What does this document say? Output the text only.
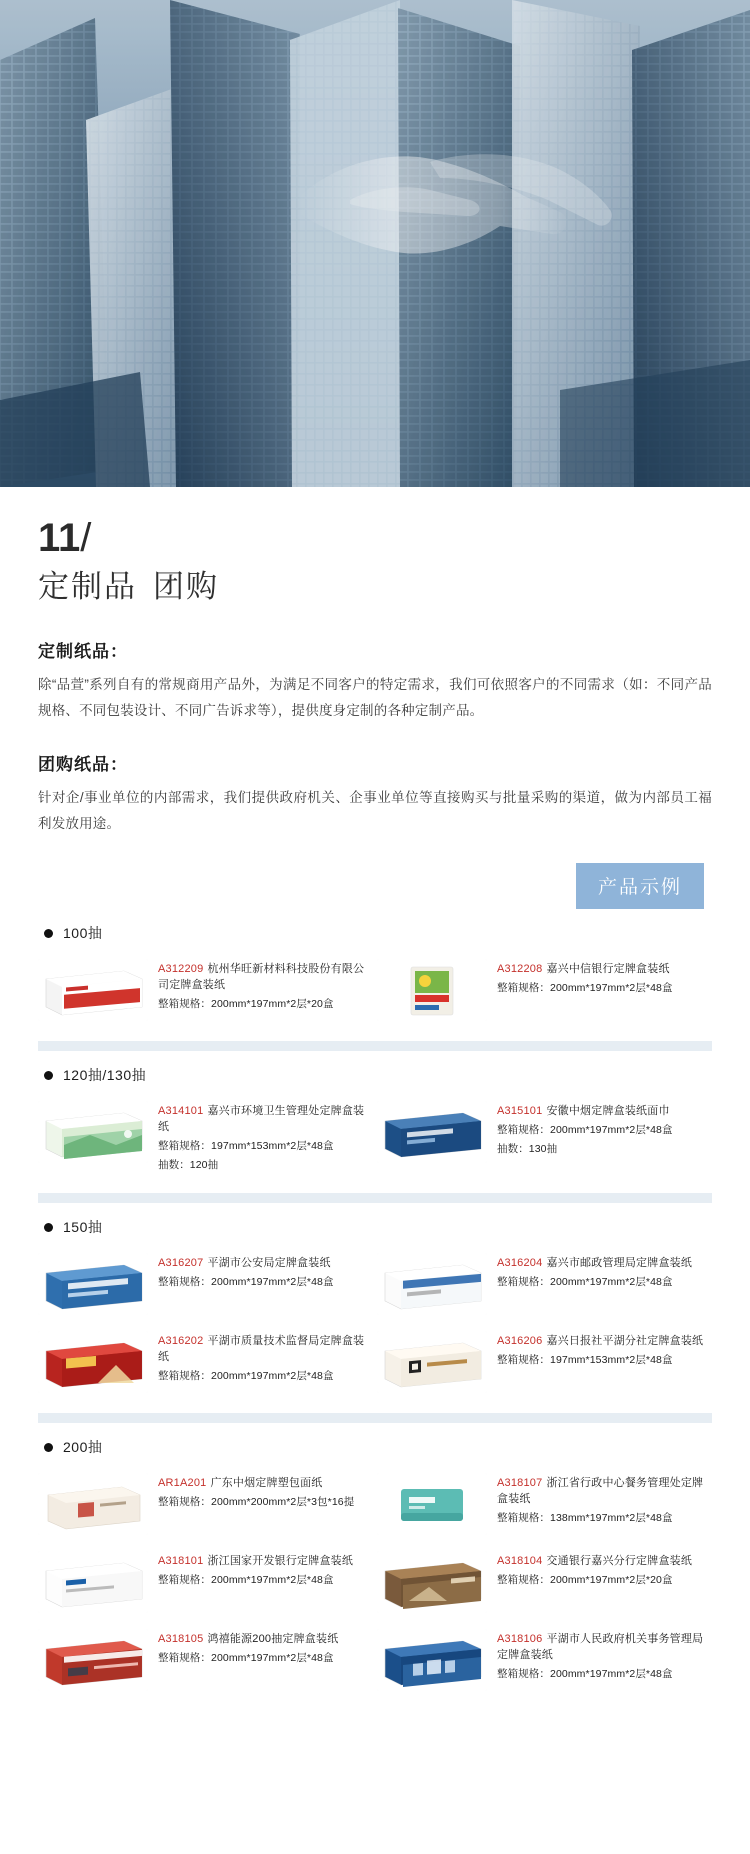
11/
定制品 团购
定制纸品：
除“品萱”系列自有的常规商用产品外，为满足不同客户的特定需求，我们可依照客户的不同需求（如：不同产品规格、不同包装设计、不同广告诉求等），提供度身定制的各种定制产品。
团购纸品：
针对企/事业单位的内部需求，我们提供政府机关、企事业单位等直接购买与批量采购的渠道，做为内部员工福利发放用途。
产品示例
100抽
A312209 杭州华旺新材料科技股份有限公司定牌盒装纸
整箱规格：200mm*197mm*2层*20盒
A312208 嘉兴中信银行定牌盒装纸
整箱规格：200mm*197mm*2层*48盒
120抽/130抽
A314101 嘉兴市环境卫生管理处定牌盒装纸
整箱规格：197mm*153mm*2层*48盒
抽数：120抽
A315101 安徽中烟定牌盒装纸面巾
整箱规格：200mm*197mm*2层*48盒
抽数：130抽
150抽
A316207 平湖市公安局定牌盒装纸
整箱规格：200mm*197mm*2层*48盒
A316204 嘉兴市邮政管理局定牌盒装纸
整箱规格：200mm*197mm*2层*48盒
A316202 平湖市质量技术监督局定牌盒装纸
整箱规格：200mm*197mm*2层*48盒
A316206 嘉兴日报社平湖分社定牌盒装纸
整箱规格：197mm*153mm*2层*48盒
200抽
AR1A201 广东中烟定牌塑包面纸
整箱规格：200mm*200mm*2层*3包*16提
A318107 浙江省行政中心餐务管理处定牌盒装纸
整箱规格：138mm*197mm*2层*48盒
A318101 浙江国家开发银行定牌盒装纸
整箱规格：200mm*197mm*2层*48盒
A318104 交通银行嘉兴分行定牌盒装纸
整箱规格：200mm*197mm*2层*20盒
A318105 鸿禧能源200抽定牌盒装纸
整箱规格：200mm*197mm*2层*48盒
A318106 平湖市人民政府机关事务管理局定牌盒装纸
整箱规格：200mm*197mm*2层*48盒
